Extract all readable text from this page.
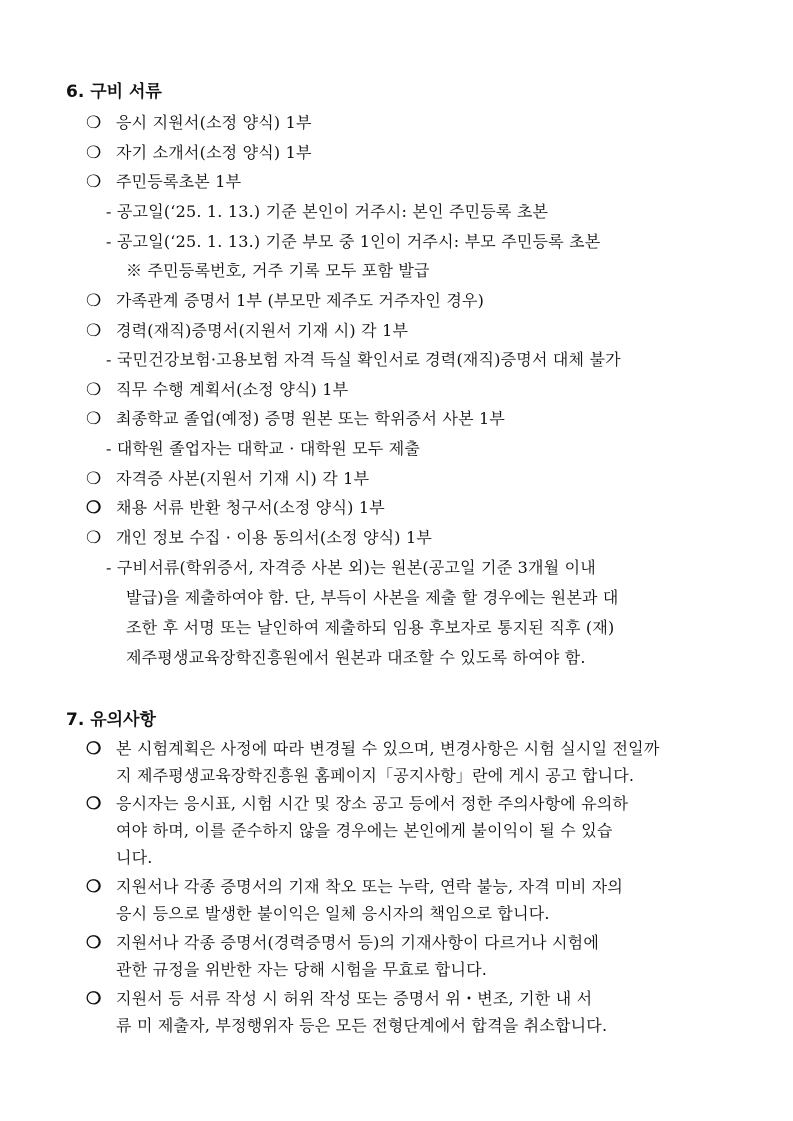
6. 구비 서류
❍ 응시 지원서(소정 양식) 1부
❍ 자기 소개서(소정 양식) 1부
❍ 주민등록초본 1부
- 공고일(‘25. 1. 13.) 기준 본인이 거주시: 본인 주민등록 초본
- 공고일(‘25. 1. 13.) 기준 부모 중 1인이 거주시: 부모 주민등록 초본
※ 주민등록번호, 거주 기록 모두 포함 발급
❍ 가족관계 증명서 1부 (부모만 제주도 거주자인 경우)
❍ 경력(재직)증명서(지원서 기재 시) 각 1부
- 국민건강보험·고용보험 자격 득실 확인서로 경력(재직)증명서 대체 불가
❍ 직무 수행 계획서(소정 양식) 1부
❍ 최종학교 졸업(예정) 증명 원본 또는 학위증서 사본 1부
- 대학원 졸업자는 대학교 · 대학원 모두 제출
❍ 자격증 사본(지원서 기재 시) 각 1부
❍ 채용 서류 반환 청구서(소정 양식) 1부
❍ 개인 정보 수집 · 이용 동의서(소정 양식) 1부
- 구비서류(학위증서, 자격증 사본 외)는 원본(공고일 기준 3개월 이내
발급)을 제출하여야 함. 단, 부득이 사본을 제출 할 경우에는 원본과 대
조한 후 서명 또는 날인하여 제출하되 임용 후보자로 통지된 직후 (재)
제주평생교육장학진흥원에서 원본과 대조할 수 있도록 하여야 함.
7. 유의사항
❍ 본 시험계획은 사정에 따라 변경될 수 있으며, 변경사항은 시험 실시일 전일까
지 제주평생교육장학진흥원 홈페이지「공지사항」란에 게시 공고 합니다.
❍ 응시자는 응시표, 시험 시간 및 장소 공고 등에서 정한 주의사항에 유의하
여야 하며, 이를 준수하지 않을 경우에는 본인에게 불이익이 될 수 있습
니다.
❍ 지원서나 각종 증명서의 기재 착오 또는 누락, 연락 불능, 자격 미비 자의
응시 등으로 발생한 불이익은 일체 응시자의 책임으로 합니다.
❍ 지원서나 각종 증명서(경력증명서 등)의 기재사항이 다르거나 시험에
관한 규정을 위반한 자는 당해 시험을 무효로 합니다.
❍ 지원서 등 서류 작성 시 허위 작성 또는 증명서 위・변조, 기한 내 서
류 미 제출자, 부정행위자 등은 모든 전형단계에서 합격을 취소합니다.
